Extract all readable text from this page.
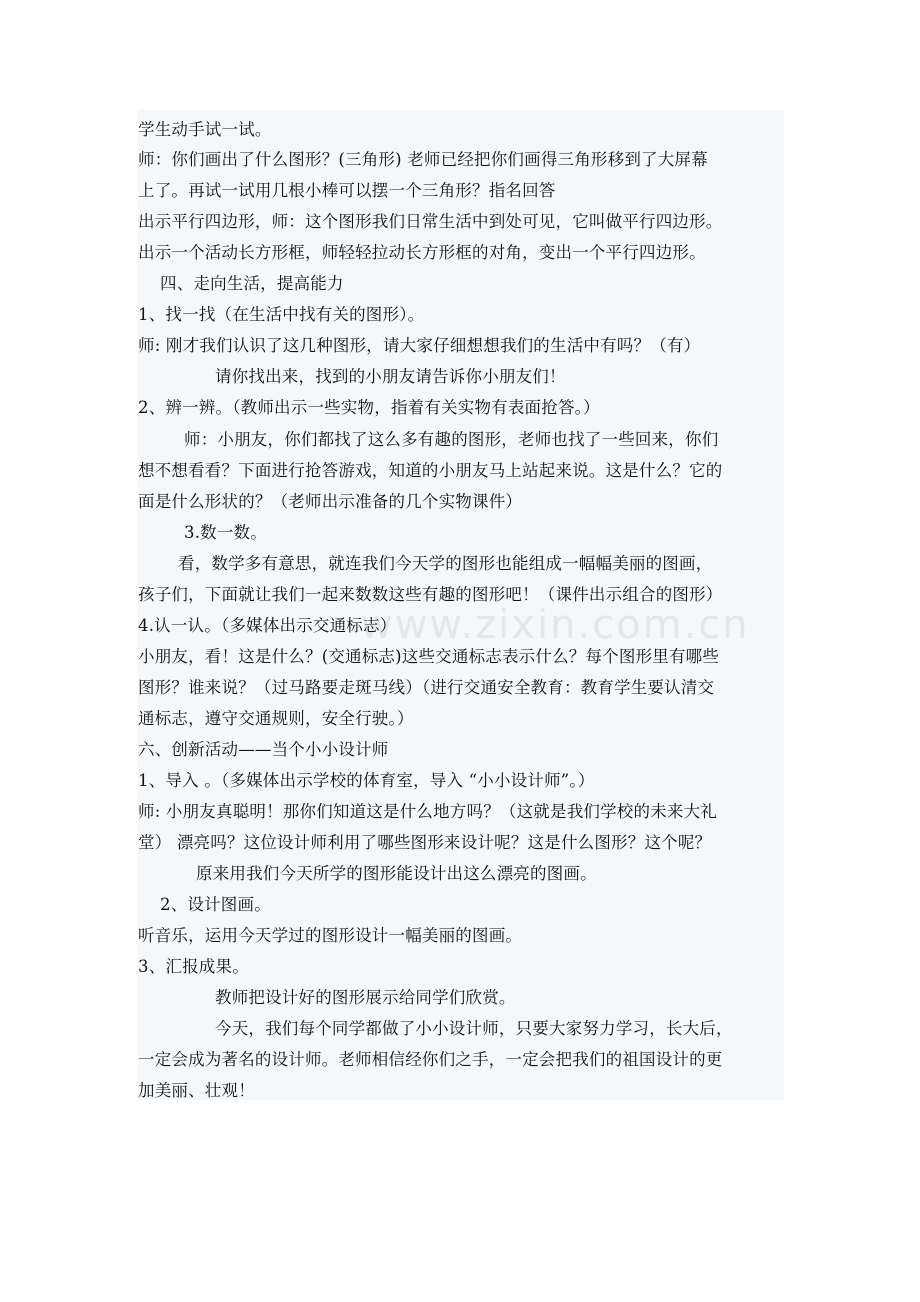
www.zixin.com.cn
学生动手试一试。
师：你们画出了什么图形？(三角形) 老师已经把你们画得三角形移到了大屏幕
上了。再试一试用几根小棒可以摆一个三角形？指名回答
出示平行四边形，师：这个图形我们日常生活中到处可见，它叫做平行四边形。
出示一个活动长方形框，师轻轻拉动长方形框的对角，变出一个平行四边形。
四、走向生活，提高能力
1、找一找（在生活中找有关的图形）。
师: 刚才我们认识了这几种图形，请大家仔细想想我们的生活中有吗？（有）
请你找出来，找到的小朋友请告诉你小朋友们！
2、辨一辨。（教师出示一些实物，指着有关实物有表面抢答。）
师：小朋友，你们都找了这么多有趣的图形，老师也找了一些回来，你们
想不想看看？下面进行抢答游戏，知道的小朋友马上站起来说。这是什么？它的
面是什么形状的？（老师出示准备的几个实物课件）
3.数一数。
看，数学多有意思，就连我们今天学的图形也能组成一幅幅美丽的图画，
孩子们，下面就让我们一起来数数这些有趣的图形吧！（课件出示组合的图形）
4.认一认。（多媒体出示交通标志）
小朋友，看！这是什么？(交通标志)这些交通标志表示什么？每个图形里有哪些
图形？谁来说？（过马路要走斑马线）（进行交通安全教育：教育学生要认清交
通标志，遵守交通规则，安全行驶。）
六、创新活动——当个小小设计师
1、导入 。（多媒体出示学校的体育室，导入 “小小设计师”。）
师: 小朋友真聪明！那你们知道这是什么地方吗？（这就是我们学校的未来大礼
堂） 漂亮吗？这位设计师利用了哪些图形来设计呢？这是什么图形？这个呢？
原来用我们今天所学的图形能设计出这么漂亮的图画。
2、设计图画。
听音乐，运用今天学过的图形设计一幅美丽的图画。
3、汇报成果。
教师把设计好的图形展示给同学们欣赏。
今天，我们每个同学都做了小小设计师，只要大家努力学习，长大后，
一定会成为著名的设计师。老师相信经你们之手，一定会把我们的祖国设计的更
加美丽、壮观！
